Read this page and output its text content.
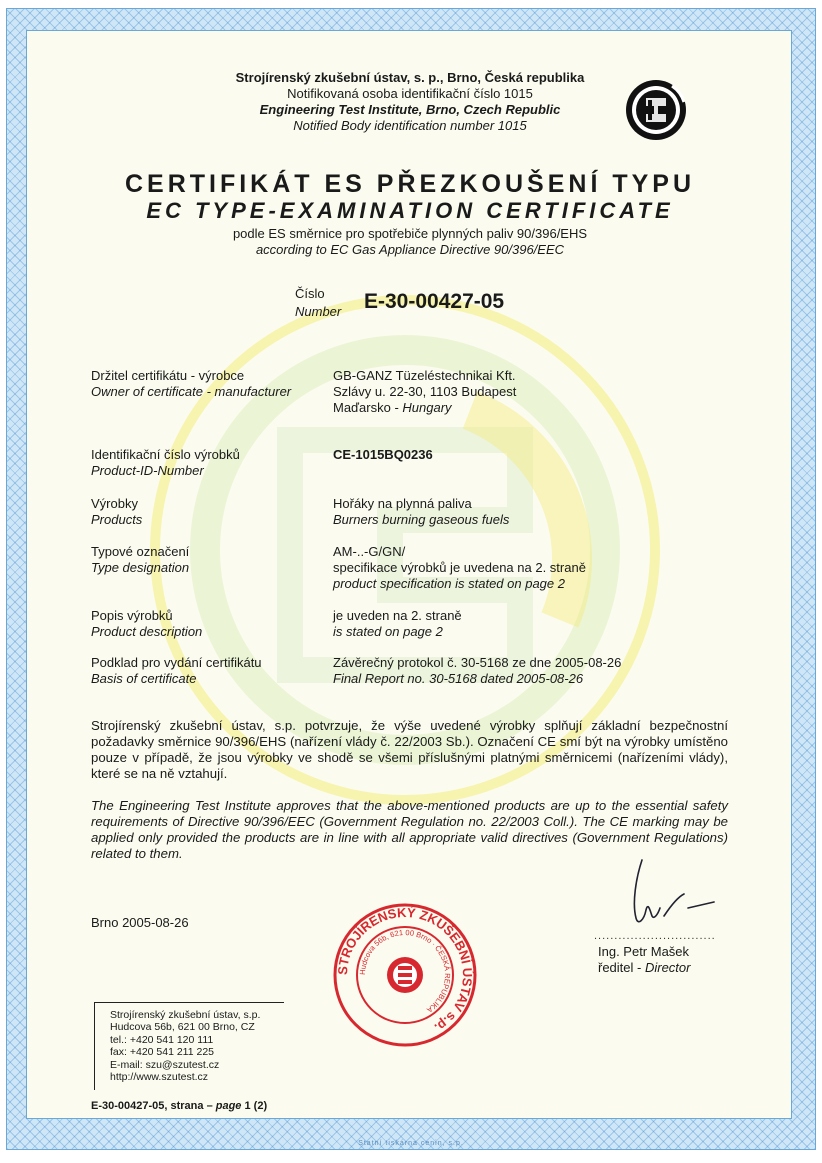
Strojírenský zkušební ústav, s. p., Brno, Česká republika
Notifikovaná osoba identifikační číslo 1015
Engineering Test Institute, Brno, Czech Republic
Notified Body identification number 1015
CERTIFIKÁT ES PŘEZKOUŠENÍ TYPU
EC TYPE-EXAMINATION CERTIFICATE
podle ES směrnice pro spotřebiče plynných paliv 90/396/EHS
according to EC Gas Appliance Directive 90/396/EEC
Číslo
Number E-30-00427-05
Držitel certifikátu - výrobce
Owner of certificate - manufacturer
GB-GANZ Tüzeléstechnikai Kft.
Szlávy u. 22-30, 1103 Budapest
Maďarsko - Hungary
Identifikační číslo výrobků
Product-ID-Number
CE-1015BQ0236
Výrobky
Products
Hořáky na plynná paliva
Burners burning gaseous fuels
Typové označení
Type designation
AM-..-G/GN/
specifikace výrobků je uvedena na 2. straně
product specification is stated on page 2
Popis výrobků
Product description
je uveden na 2. straně
is stated on page 2
Podklad pro vydání certifikátu
Basis of certificate
Závěrečný protokol č. 30-5168 ze dne 2005-08-26
Final Report no. 30-5168 dated 2005-08-26
Strojírenský zkušební ústav, s.p. potvrzuje, že výše uvedené výrobky splňují základní bezpečnostní požadavky směrnice 90/396/EHS (nařízení vlády č. 22/2003 Sb.). Označení CE smí být na výrobky umístěno pouze v případě, že jsou výrobky ve shodě se všemi příslušnými platnými směrnicemi (nařízeními vlády), které se na ně vztahují.
The Engineering Test Institute approves that the above-mentioned products are up to the essential safety requirements of Directive 90/396/EEC (Government Regulation no. 22/2003 Coll.). The CE marking may be applied only provided the products are in line with all appropriate valid directives (Government Regulations) related to them.
Brno 2005-08-26
STROJÍRENSKÝ ZKUŠEBNÍ ÚSTAV s.p.
Hudcova 56b, 621 00 Brno · ČESKÁ REPUBLIKA
..............................
Ing. Petr Mašek
ředitel - Director
Strojírenský zkušební ústav, s.p.
Hudcova 56b, 621 00 Brno, CZ
tel.: +420 541 120 111
fax: +420 541 211 225
E-mail: szu@szutest.cz
http://www.szutest.cz
E-30-00427-05, strana – page 1 (2)
Statní tiskárna cenin, s.p.
